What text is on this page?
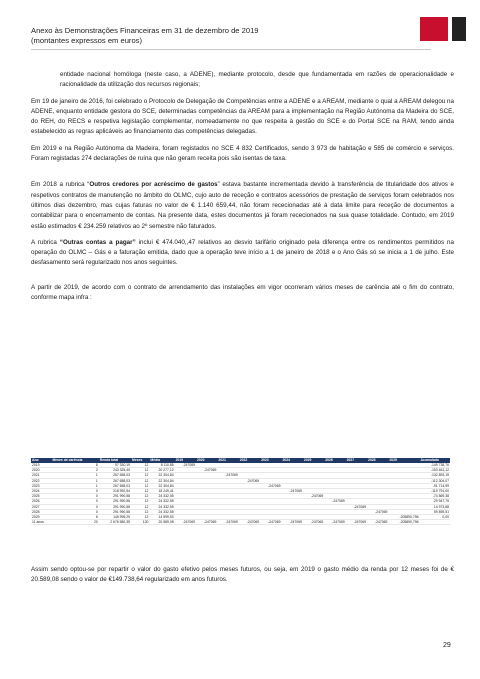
Anexo às Demonstrações Financeiras em 31 de dezembro de 2019
(montantes expressos em euros)

entidade nacional homóloga (neste caso, a ADENE), mediante protocolo, desde que fundamentada em razões de operacionalidade e racionalidade da utilização dos recursos regionais;

Em 19 de janeiro de 2016, foi celebrado o Protocolo de Delegação de Competências entre a ADENE e a AREAM, mediante o qual a AREAM delegou na ADENE, enquanto entidade gestora do SCE, determinadas competências da AREAM para a implementação na Região Autónoma da Madeira do SCE, do REH, do RECS e respetiva legislação complementar, nomeadamente no que respeita à gestão do SCE e do Portal SCE na RAM, tendo ainda estabelecido as regras aplicáveis ao financiamento das competências delegadas.

Em 2019 e na Região Autónoma da Madeira, foram registados no SCE 4 832 Certificados, sendo 3 973 de habitação e 585 de comércio e serviços. Foram registadas 274 declarações de ruína que não geram receita pois são isentas de taxa.

Em 2018 a rubrica “Outros credores por acréscimo de gastos” estava bastante incrementada devido à transferência de titularidade dos ativos e respetivos contratos de manutenção no âmbito do OLMC, cujo auto de receção e contratos acessórios de prestação de serviços foram celebrados nos últimos dias dezembro, mas cujas faturas no valor de € 1.140 659,44, não foram rececionadas até à data limite para receção de documentos a contabilizar para o encerramento de contas. Na presente data, estes documentos já foram rececionados na sua quase totalidade. Contudo, em 2019 estão estimados € 234.259 relativos ao 2º semestre não faturados.

A rubrica “Outras contas a pagar” inclui € 474.040,,47 relativos ao desvio tarifário originado pela diferença entre os rendimentos permitidos na operação do OLMC – Gás e a faturação emitida, dado que a operação teve início a 1 de janeiro de 2018 e o Ano Gás só se inicia a 1 de julho. Este desfasamento será regularizado nos anos seguintes.

A partir de 2019, de acordo com o contrato de arrendamento das instalações em vigor ocorreram vários meses de carência até o fim do contrato, conforme mapa infra :

Ano	Meses de carência	Renda total	Meses	Média	2019	2020	2021	2022	2023	2024	2025	2026	2027	2028	2029	Acumulado
2019	8	97 330,19	12	8 110,85	-247069											-149 738,76
2020	2	243 325,40	12	20 277,12		-247069										-153 461,12
2021	1	267 658,03	12	22 304,84			-247069									-132 893,15
2022	1	267 658,03	12	22 304,84				-247069								-112 304,07
2023	1	267 658,03	12	22 304,84					-247069							-91 714,99
2024	0	218 992,94	12	18 249,41						-247069						-119 791,00
2025	0	291 990,58	12	24 332,55							-247069					-74 869,38
2026	0	291 990,58	12	24 332,55								-247069				-29 947,75
2027	0	291 990,58	12	24 332,55									-247069			14 973,88
2028	0	291 990,58	12	24 332,55										-247069		59 895,51
2029	6	145 995,29	12	14 599,53											-205890,796	0,00
11 anos	20	2 676 580,35	130	20 589,08	-247069	-247069	-247069	-247069	-247069	-247069	-247069	-247069	-247069	-247069	-205890,796	

Assim sendo optou-se por repartir o valor do gasto efetivo pelos meses futuros, ou seja, em 2019 o gasto médio da renda por 12 meses foi de € 20.589,08 sendo o valor de €149.738,64 regularizado em anos futuros.

29
